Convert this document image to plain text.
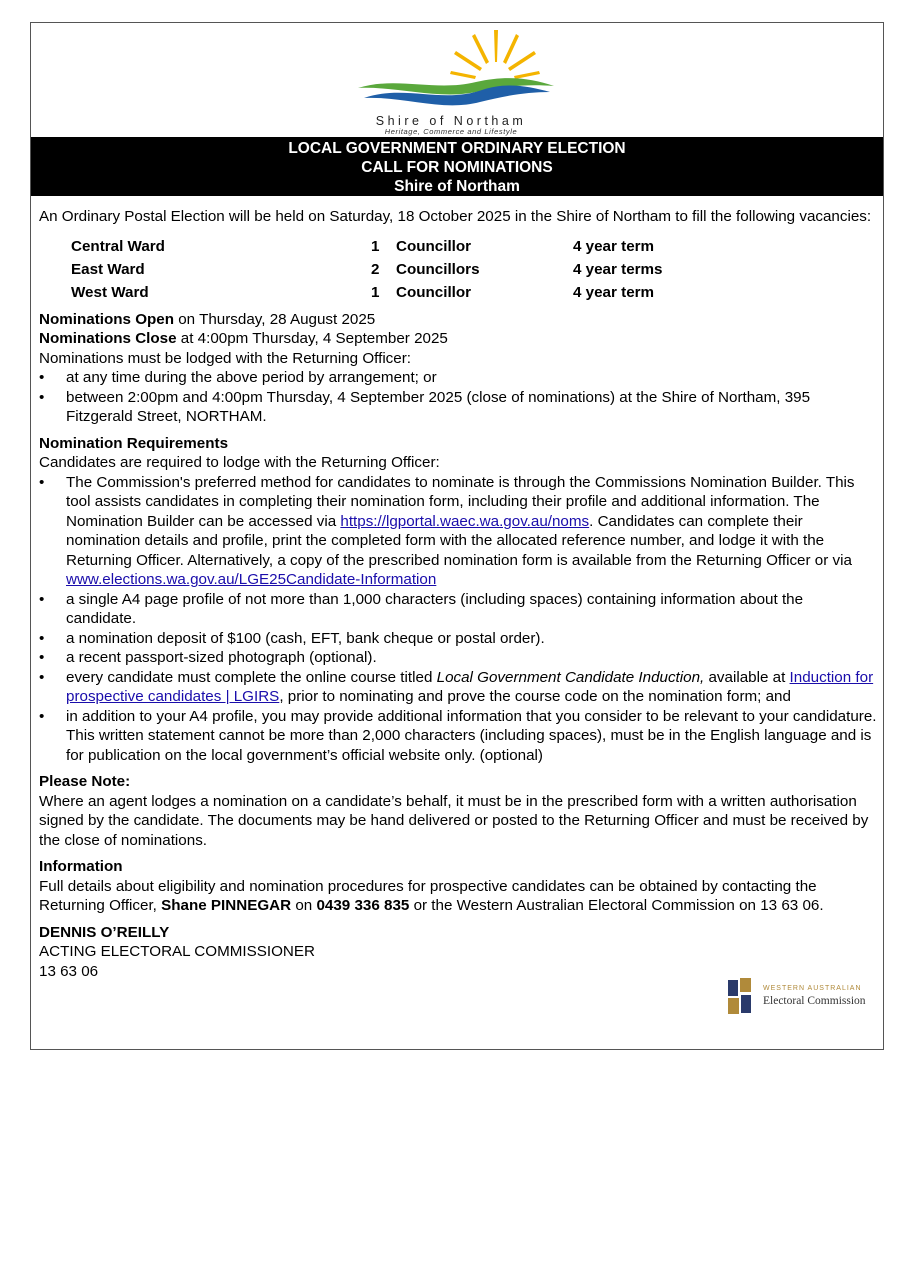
Shire of Northam
Heritage, Commerce and Lifestyle
LOCAL GOVERNMENT ORDINARY ELECTION
CALL FOR NOMINATIONS
Shire of Northam

An Ordinary Postal Election will be held on Saturday, 18 October 2025 in the Shire of Northam to fill the following vacancies:

Central Ward	1	Councillor	4 year term
East Ward	2	Councillors	4 year terms
West Ward	1	Councillor	4 year term

Nominations Open on Thursday, 28 August 2025

Nominations Close at 4:00pm Thursday, 4 September 2025

Nominations must be lodged with the Returning Officer:

• at any time during the above period by arrangement; or
• between 2:00pm and 4:00pm Thursday, 4 September 2025 (close of nominations) at the Shire of Northam, 395 Fitzgerald Street, NORTHAM.

Nomination Requirements

Candidates are required to lodge with the Returning Officer:

• The Commission's preferred method for candidates to nominate is through the Commissions Nomination Builder. This tool assists candidates in completing their nomination form, including their profile and additional information. The Nomination Builder can be accessed via https://lgportal.waec.wa.gov.au/noms. Candidates can complete their nomination details and profile, print the completed form with the allocated reference number, and lodge it with the Returning Officer. Alternatively, a copy of the prescribed nomination form is available from the Returning Officer or via www.elections.wa.gov.au/LGE25Candidate-Information
• a single A4 page profile of not more than 1,000 characters (including spaces) containing information about the candidate.
• a nomination deposit of $100 (cash, EFT, bank cheque or postal order).
• a recent passport-sized photograph (optional).
• every candidate must complete the online course titled Local Government Candidate Induction, available at Induction for prospective candidates | LGIRS, prior to nominating and prove the course code on the nomination form; and
• in addition to your A4 profile, you may provide additional information that you consider to be relevant to your candidature. This written statement cannot be more than 2,000 characters (including spaces), must be in the English language and is for publication on the local government’s official website only. (optional)

Please Note:

Where an agent lodges a nomination on a candidate’s behalf, it must be in the prescribed form with a written authorisation signed by the candidate. The documents may be hand delivered or posted to the Returning Officer and must be received by the close of nominations.

Information

Full details about eligibility and nomination procedures for prospective candidates can be obtained by contacting the Returning Officer, Shane PINNEGAR on 0439 336 835 or the Western Australian Electoral Commission on 13 63 06.

DENNIS O’REILLY

ACTING ELECTORAL COMMISSIONER

13 63 06

WESTERN AUSTRALIAN
Electoral Commission
